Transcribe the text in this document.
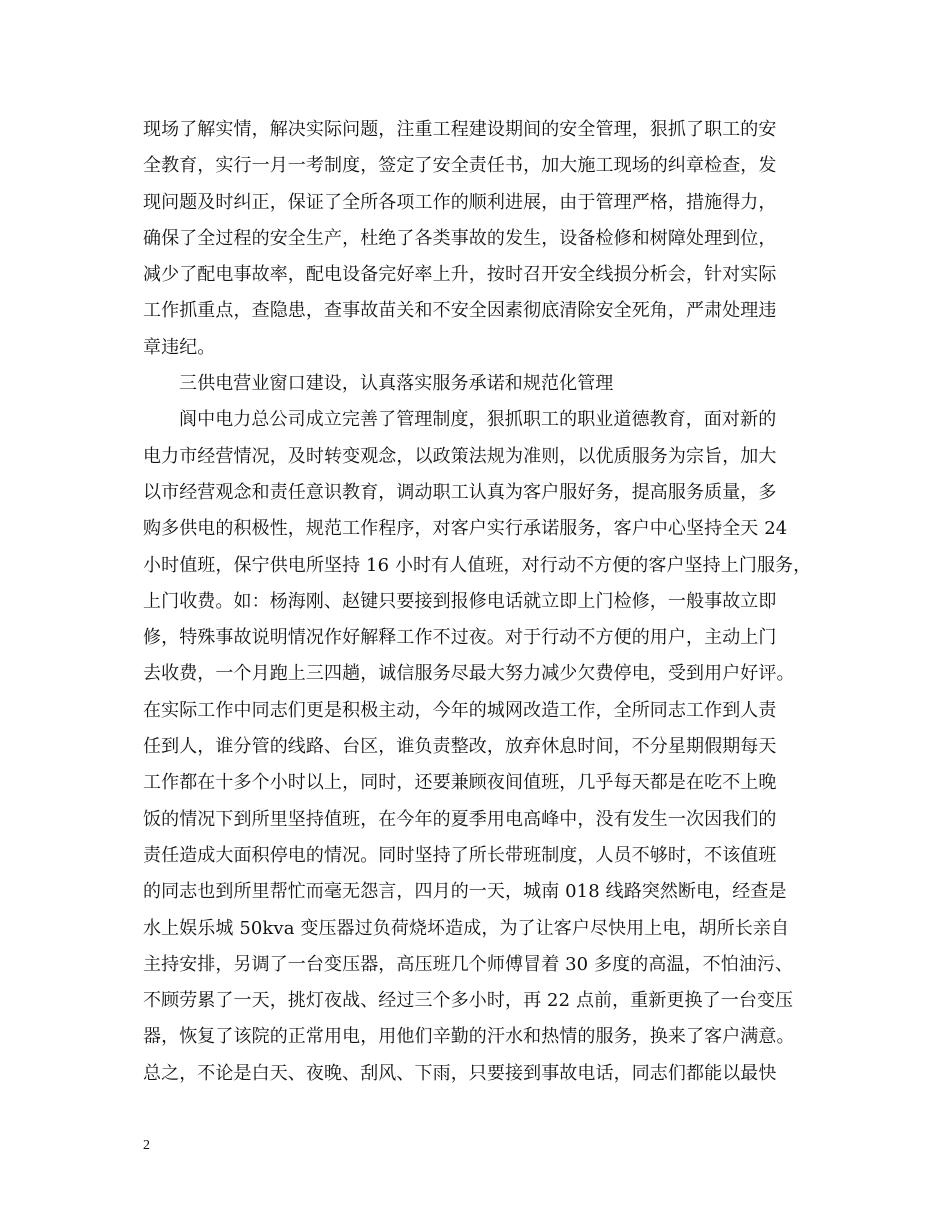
现场了解实情，解决实际问题，注重工程建设期间的安全管理，狠抓了职工的安
全教育，实行一月一考制度，签定了安全责任书，加大施工现场的纠章检查，发
现问题及时纠正，保证了全所各项工作的顺利进展，由于管理严格，措施得力，
确保了全过程的安全生产，杜绝了各类事故的发生，设备检修和树障处理到位，
减少了配电事故率，配电设备完好率上升，按时召开安全线损分析会，针对实际
工作抓重点，查隐患，查事故苗关和不安全因素彻底清除安全死角，严肃处理违
章违纪。
三供电营业窗口建设，认真落实服务承诺和规范化管理
阆中电力总公司成立完善了管理制度，狠抓职工的职业道德教育，面对新的
电力市经营情况，及时转变观念，以政策法规为准则，以优质服务为宗旨，加大
以市经营观念和责任意识教育，调动职工认真为客户服好务，提高服务质量，多
购多供电的积极性，规范工作程序，对客户实行承诺服务，客户中心坚持全天 24
小时值班，保宁供电所坚持 16 小时有人值班，对行动不方便的客户坚持上门服务，
上门收费。如：杨海刚、赵键只要接到报修电话就立即上门检修，一般事故立即
修，特殊事故说明情况作好解释工作不过夜。对于行动不方便的用户，主动上门
去收费，一个月跑上三四趟，诚信服务尽最大努力减少欠费停电，受到用户好评。
在实际工作中同志们更是积极主动，今年的城网改造工作，全所同志工作到人责
任到人，谁分管的线路、台区，谁负责整改，放弃休息时间，不分星期假期每天
工作都在十多个小时以上，同时，还要兼顾夜间值班，几乎每天都是在吃不上晚
饭的情况下到所里坚持值班，在今年的夏季用电高峰中，没有发生一次因我们的
责任造成大面积停电的情况。同时坚持了所长带班制度，人员不够时，不该值班
的同志也到所里帮忙而毫无怨言，四月的一天，城南 018 线路突然断电，经查是
水上娱乐城 50kva 变压器过负荷烧坏造成，为了让客户尽快用上电，胡所长亲自
主持安排，另调了一台变压器，高压班几个师傅冒着 30 多度的高温，不怕油污、
不顾劳累了一天，挑灯夜战、经过三个多小时，再 22 点前，重新更换了一台变压
器，恢复了该院的正常用电，用他们辛勤的汗水和热情的服务，换来了客户满意。
总之，不论是白天、夜晚、刮风、下雨，只要接到事故电话，同志们都能以最快
2
